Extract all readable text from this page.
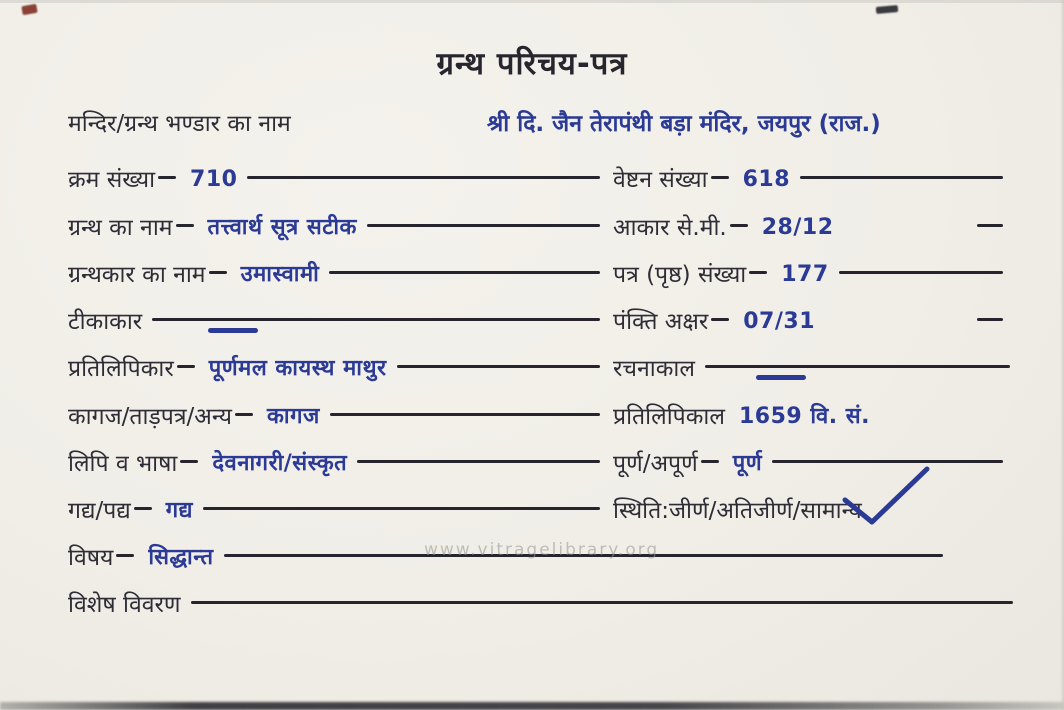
ग्रन्थ परिचय-पत्र
मन्दिर/ग्रन्थ भण्डार का नाम	श्री दि. जैन तेरापंथी बड़ा मंदिर, जयपुर (राज.)
क्रम संख्या 710
ग्रन्थ का नाम तत्त्वार्थ सूत्र सटीक
ग्रन्थकार का नाम उमास्वामी
टीकाकार
प्रतिलिपिकार पूर्णमल कायस्थ माथुर
कागज/ताड़पत्र/अन्य कागज
लिपि व भाषा देवनागरी/संस्कृत
गद्य/पद्य गद्य
विषय सिद्धान्त
विशेष विवरण
वेष्टन संख्या 618
आकार से.मी. 28/12
पत्र (पृष्ठ) संख्या 177
पंक्ति अक्षर 07/31
रचनाकाल
प्रतिलिपिकाल 1659 वि. सं.
पूर्ण/अपूर्ण पूर्ण
स्थिति:जीर्ण/अतिजीर्ण/सामान्य
www.vitragelibrary.org
